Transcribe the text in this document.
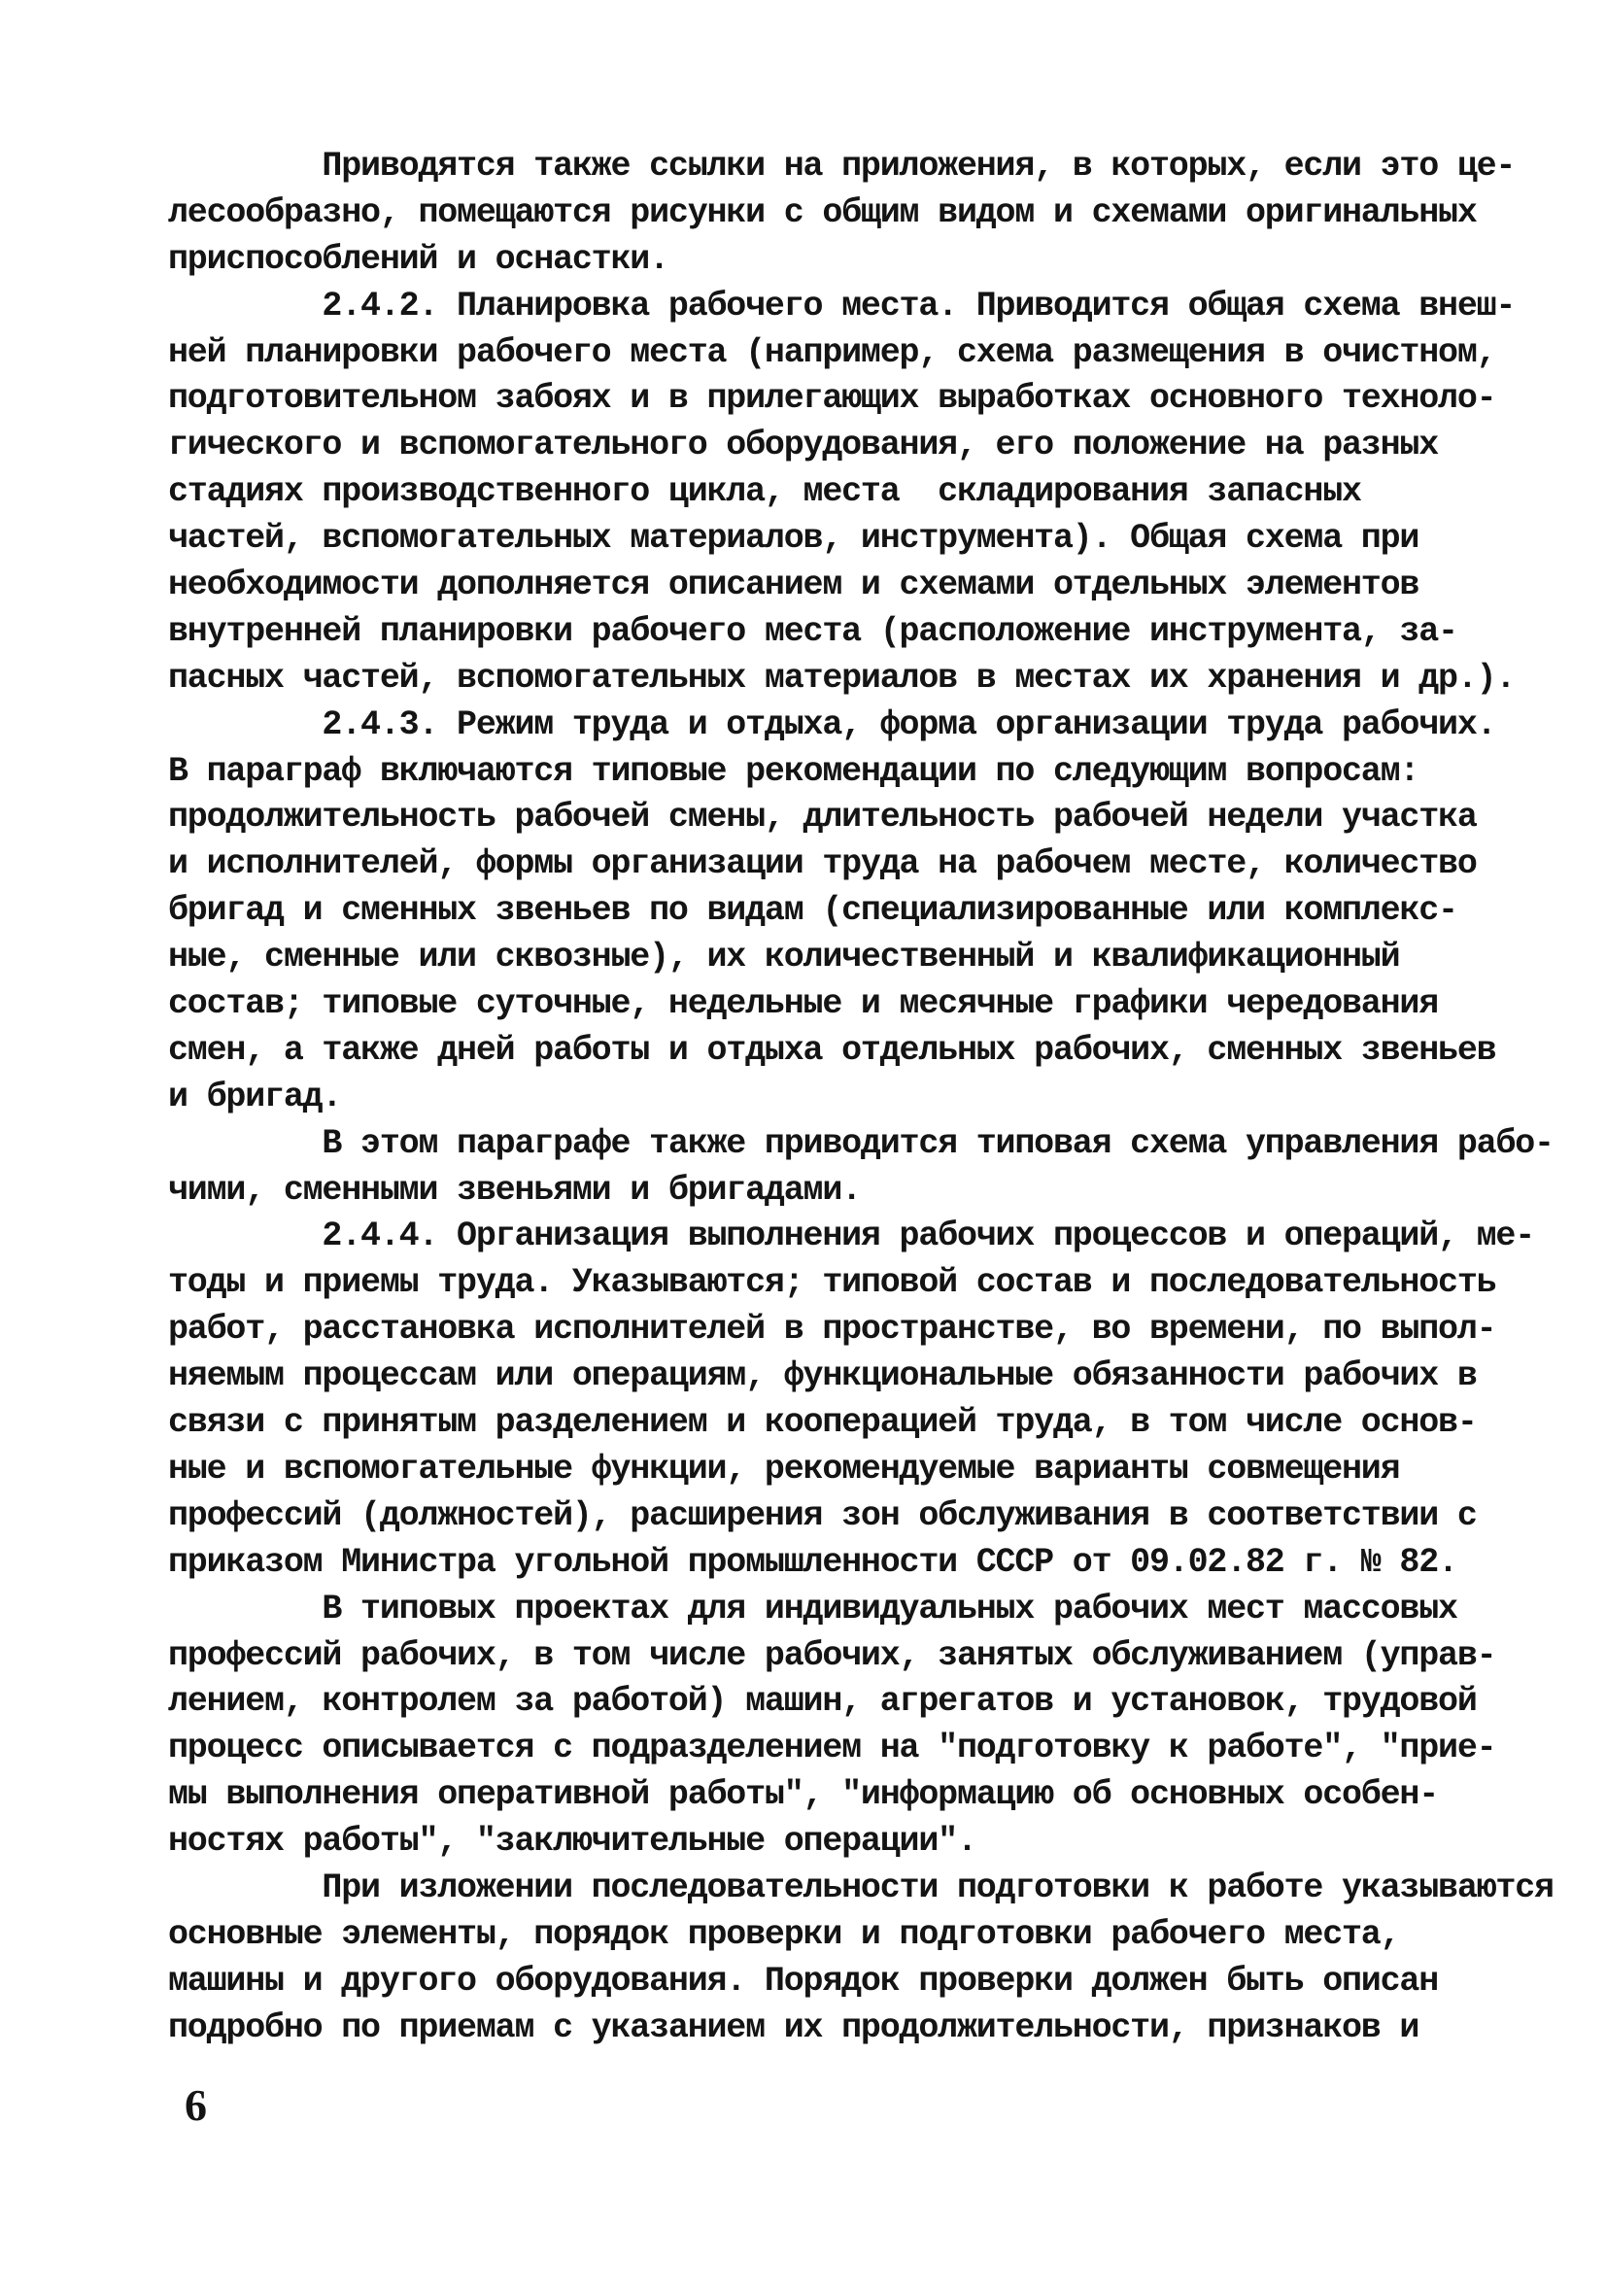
Приводятся также ссылки на приложения, в которых, если это це-
лесообразно, помещаются рисунки с общим видом и схемами оригинальных
приспособлений и оснастки.
2.4.2. Планировка рабочего места. Приводится общая схема внеш-
ней планировки рабочего места (например, схема размещения в очистном,
подготовительном забоях и в прилегающих выработках основного техноло-
гического и вспомогательного оборудования, его положение на разных
стадиях производственного цикла, места  складирования запасных
частей, вспомогательных материалов, инструмента). Общая схема при
необходимости дополняется описанием и схемами отдельных элементов
внутренней планировки рабочего места (расположение инструмента, за-
пасных частей, вспомогательных материалов в местах их хранения и др.).
2.4.3. Режим труда и отдыха, форма организации труда рабочих.
В параграф включаются типовые рекомендации по следующим вопросам:
продолжительность рабочей смены, длительность рабочей недели участка
и исполнителей, формы организации труда на рабочем месте, количество
бригад и сменных звеньев по видам (специализированные или комплекс-
ные, сменные или сквозные), их количественный и квалификационный
состав; типовые суточные, недельные и месячные графики чередования
смен, а также дней работы и отдыха отдельных рабочих, сменных звеньев
и бригад.
В этом параграфе также приводится типовая схема управления рабо-
чими, сменными звеньями и бригадами.
2.4.4. Организация выполнения рабочих процессов и операций, ме-
тоды и приемы труда. Указываются; типовой состав и последовательность
работ, расстановка исполнителей в пространстве, во времени, по выпол-
няемым процессам или операциям, функциональные обязанности рабочих в
связи с принятым разделением и кооперацией труда, в том числе основ-
ные и вспомогательные функции, рекомендуемые варианты совмещения
профессий (должностей), расширения зон обслуживания в соответствии с
приказом Министра угольной промышленности СССР от 09.02.82 г. № 82.
В типовых проектах для индивидуальных рабочих мест массовых
профессий рабочих, в том числе рабочих, занятых обслуживанием (управ-
лением, контролем за работой) машин, агрегатов и установок, трудовой
процесс описывается с подразделением на "подготовку к работе", "прие-
мы выполнения оперативной работы", "информацию об основных особен-
ностях работы", "заключительные операции".
При изложении последовательности подготовки к работе указываются
основные элементы, порядок проверки и подготовки рабочего места,
машины и другого оборудования. Порядок проверки должен быть описан
подробно по приемам с указанием их продолжительности, признаков и
6
